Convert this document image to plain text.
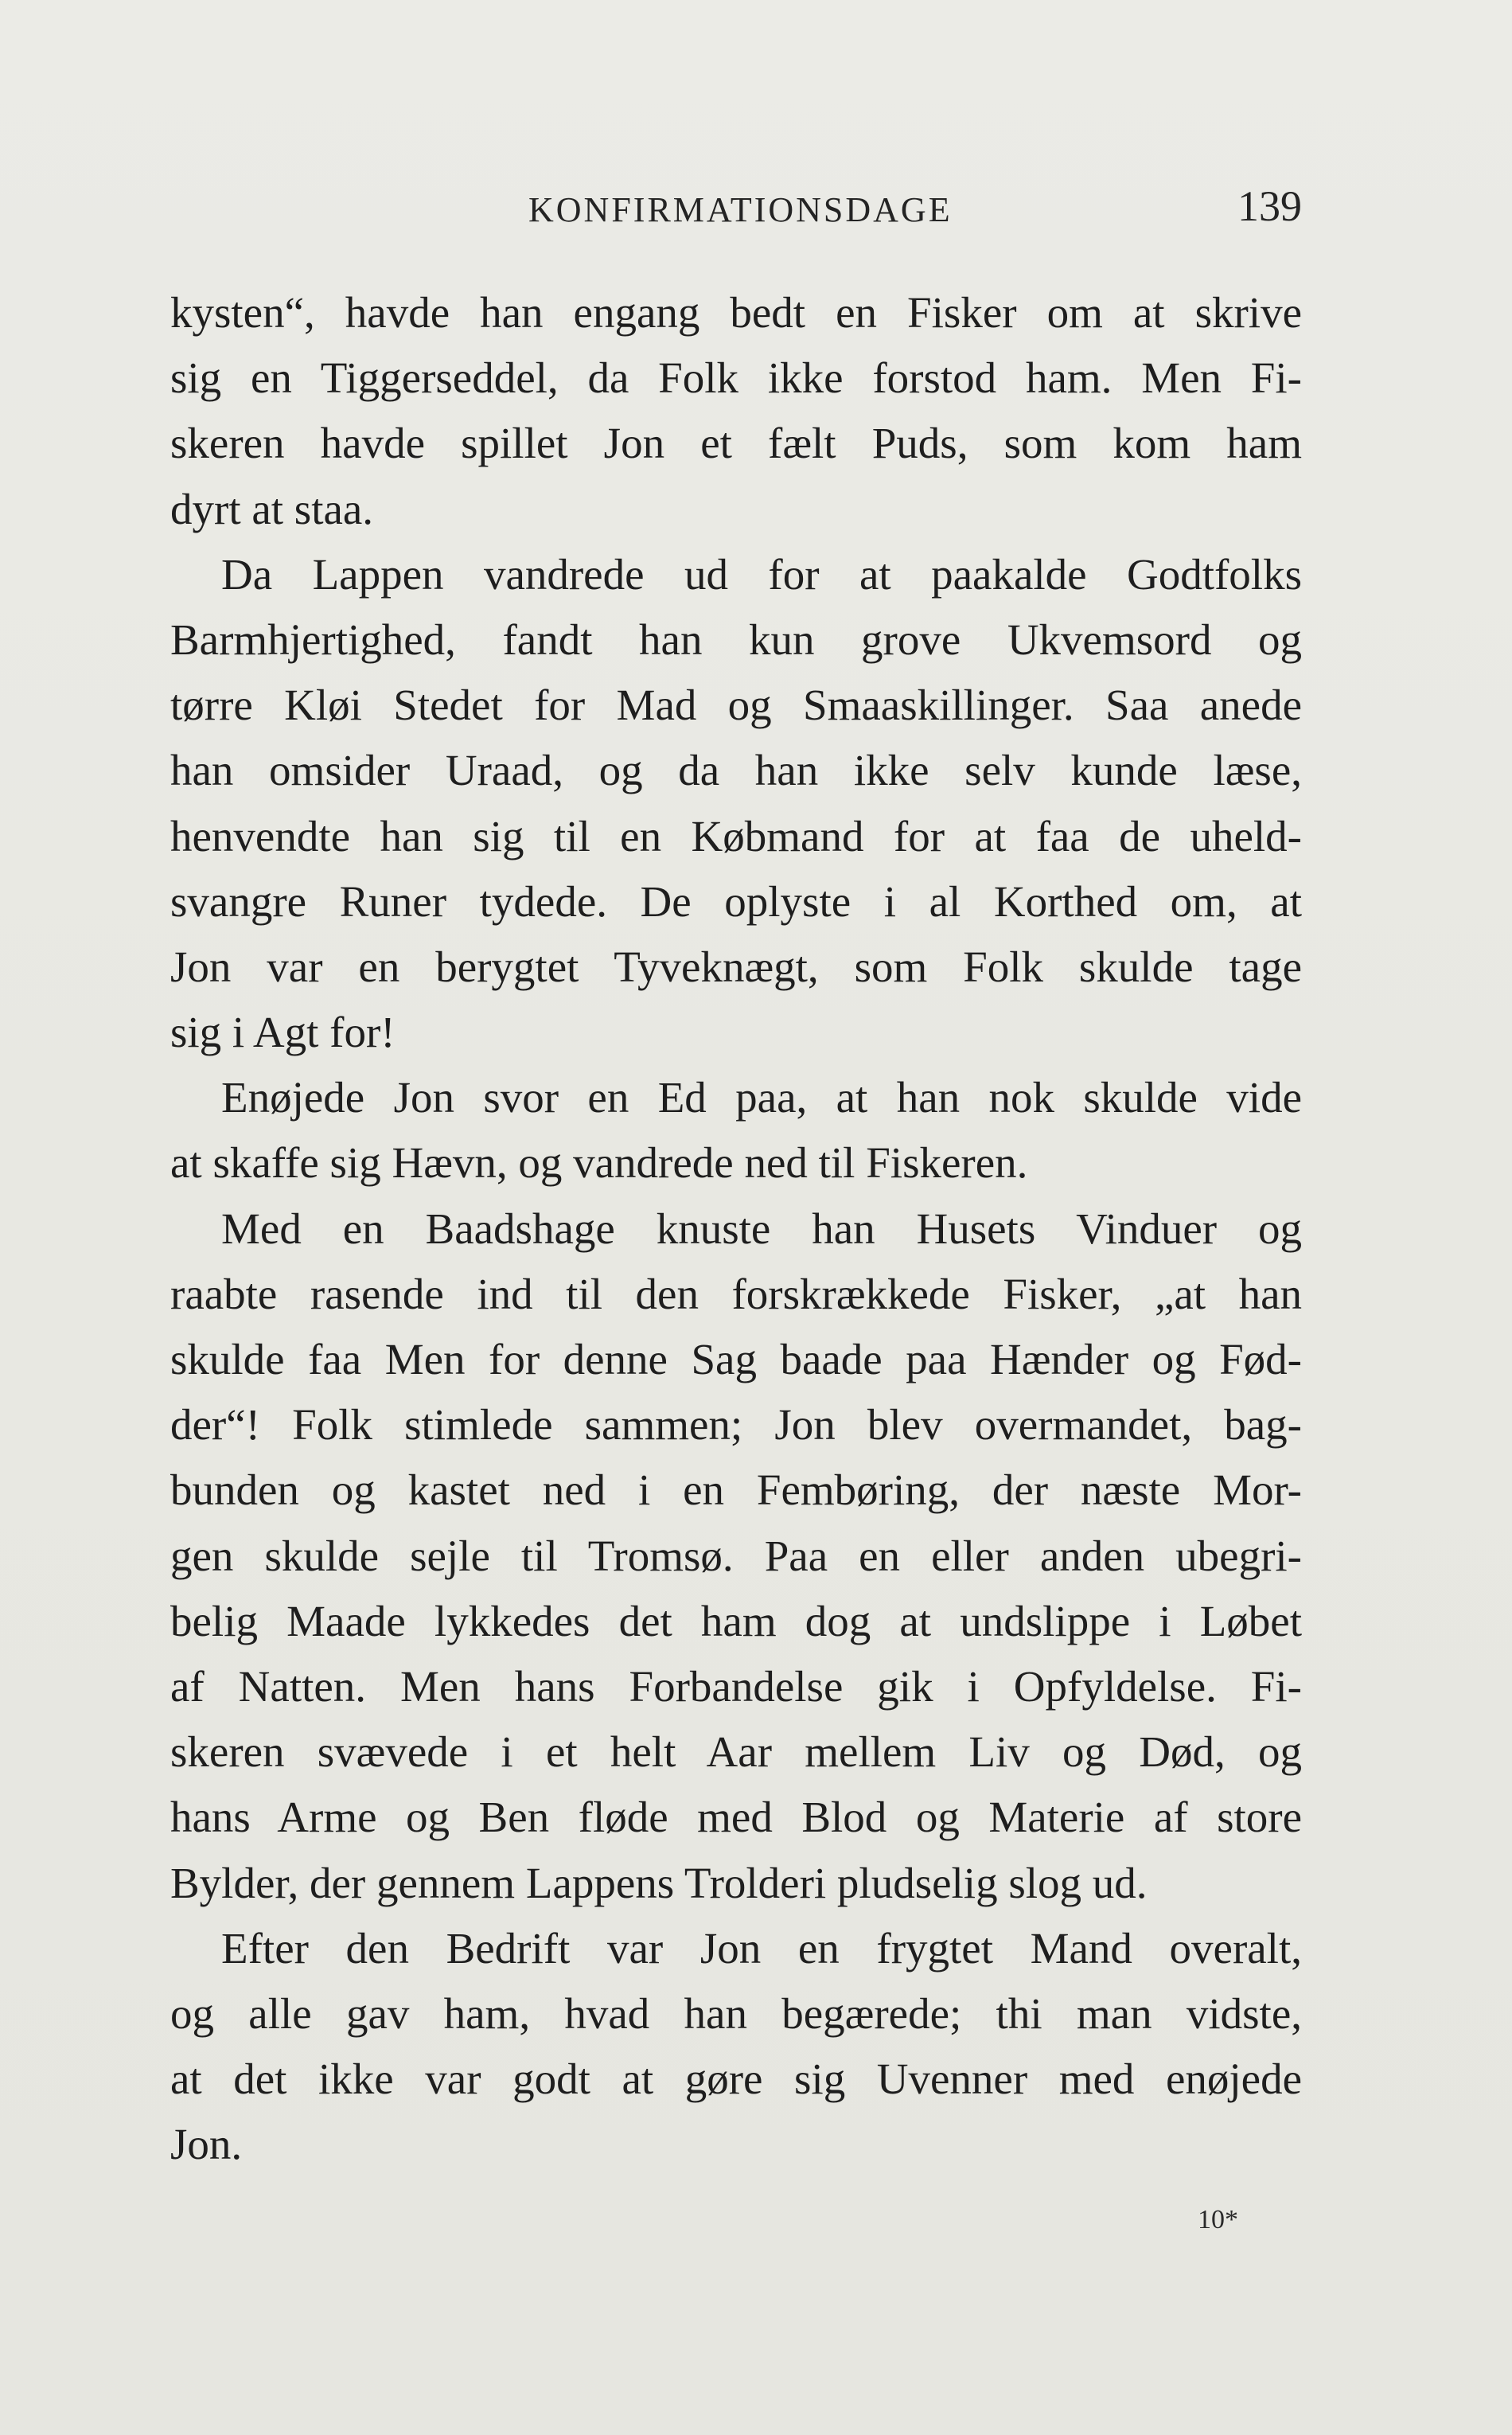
KONFIRMATIONSDAGE	139
kysten“, havde han engang bedt en Fisker om at skrive
sig en Tiggerseddel, da Folk ikke forstod ham. Men Fi-
skeren havde spillet Jon et fælt Puds, som kom ham
dyrt at staa.
Da Lappen vandrede ud for at paakalde Godtfolks
Barmhjertighed, fandt han kun grove Ukvemsord og
tørre Kløi Stedet for Mad og Smaaskillinger. Saa anede
han omsider Uraad, og da han ikke selv kunde læse,
henvendte han sig til en Købmand for at faa de uheld-
svangre Runer tydede. De oplyste i al Korthed om, at
Jon var en berygtet Tyveknægt, som Folk skulde tage
sig i Agt for!
Enøjede Jon svor en Ed paa, at han nok skulde vide
at skaffe sig Hævn, og vandrede ned til Fiskeren.
Med en Baadshage knuste han Husets Vinduer og
raabte rasende ind til den forskrækkede Fisker, „at han
skulde faa Men for denne Sag baade paa Hænder og Fød-
der“! Folk stimlede sammen; Jon blev overmandet, bag-
bunden og kastet ned i en Fembøring, der næste Mor-
gen skulde sejle til Tromsø. Paa en eller anden ubegri-
belig Maade lykkedes det ham dog at undslippe i Løbet
af Natten. Men hans Forbandelse gik i Opfyldelse. Fi-
skeren svævede i et helt Aar mellem Liv og Død, og
hans Arme og Ben fløde med Blod og Materie af store
Bylder, der gennem Lappens Trolderi pludselig slog ud.
Efter den Bedrift var Jon en frygtet Mand overalt,
og alle gav ham, hvad han begærede; thi man vidste,
at det ikke var godt at gøre sig Uvenner med enøjede
Jon.
10*
